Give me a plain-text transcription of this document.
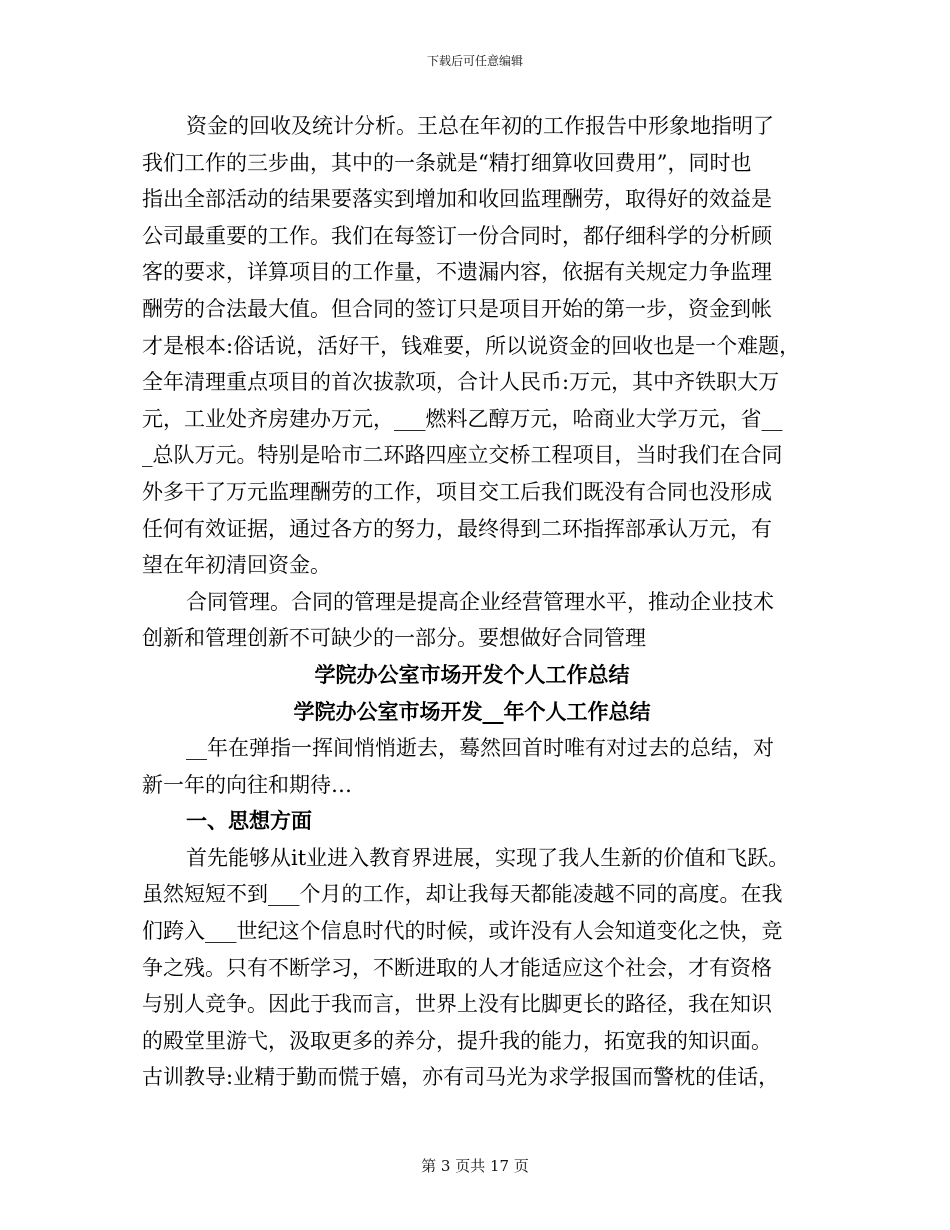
下载后可任意编辑
资金的回收及统计分析。王总在年初的工作报告中形象地指明了
我们工作的三步曲，其中的一条就是“精打细算收回费用”，同时也
指出全部活动的结果要落实到增加和收回监理酬劳，取得好的效益是
公司最重要的工作。我们在每签订一份合同时，都仔细科学的分析顾
客的要求，详算项目的工作量，不遗漏内容，依据有关规定力争监理
酬劳的合法最大值。但合同的签订只是项目开始的第一步，资金到帐
才是根本:俗话说，活好干，钱难要，所以说资金的回收也是一个难题，
全年清理重点项目的首次拔款项，合计人民币:万元，其中齐铁职大万
元，工业处齐房建办万元，___燃料乙醇万元，哈商业大学万元，省__
_总队万元。特别是哈市二环路四座立交桥工程项目，当时我们在合同
外多干了万元监理酬劳的工作，项目交工后我们既没有合同也没形成
任何有效证据，通过各方的努力，最终得到二环指挥部承认万元，有
望在年初清回资金。
合同管理。合同的管理是提高企业经营管理水平，推动企业技术
创新和管理创新不可缺少的一部分。要想做好合同管理
学院办公室市场开发个人工作总结
学院办公室市场开发__年个人工作总结
__年在弹指一挥间悄悄逝去，蓦然回首时唯有对过去的总结，对
新一年的向往和期待…
一、思想方面
首先能够从it业进入教育界进展，实现了我人生新的价值和飞跃。
虽然短短不到___个月的工作，却让我每天都能凌越不同的高度。在我
们跨入___世纪这个信息时代的时候，或许没有人会知道变化之快，竞
争之残。只有不断学习，不断进取的人才能适应这个社会，才有资格
与别人竞争。因此于我而言，世界上没有比脚更长的路径，我在知识
的殿堂里游弋，汲取更多的养分，提升我的能力，拓宽我的知识面。
古训教导:业精于勤而慌于嬉，亦有司马光为求学报国而警枕的佳话，
第 3 页共 17 页
